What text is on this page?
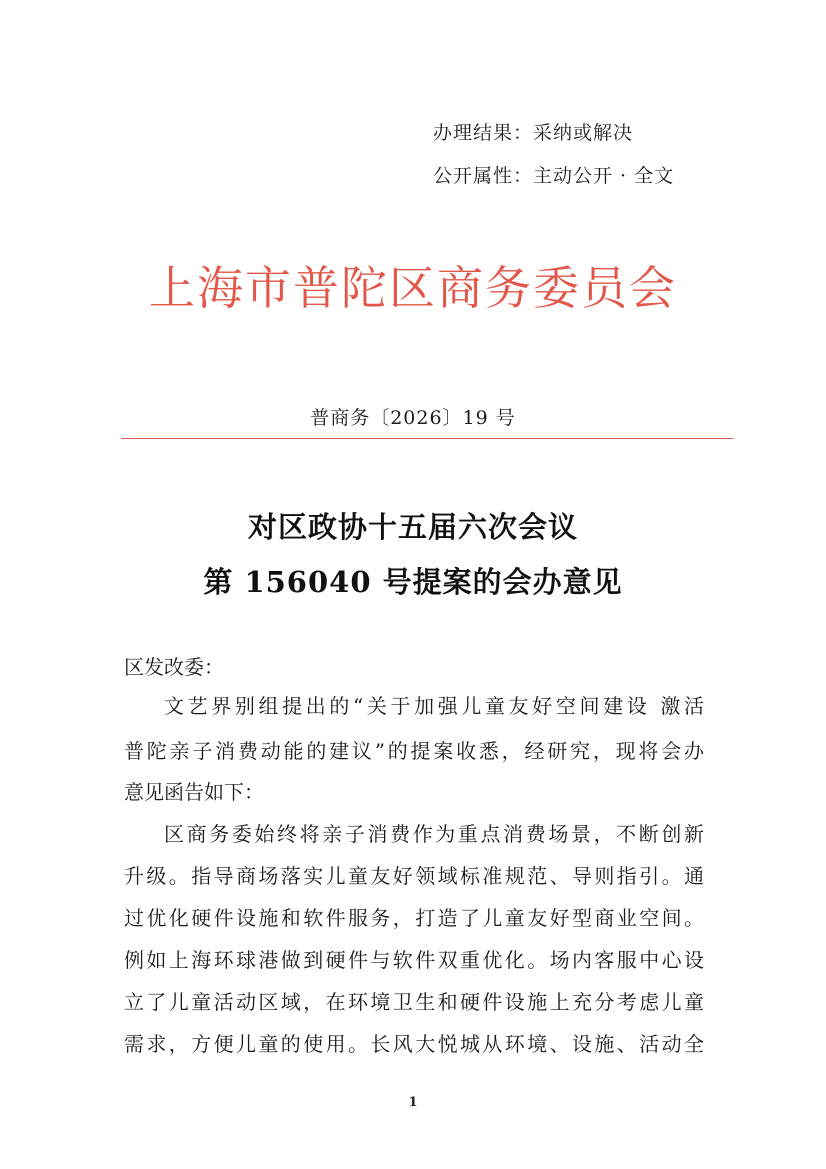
办理结果：采纳或解决
公开属性：主动公开 · 全文
上海市普陀区商务委员会
普商务〔2026〕19 号
对区政协十五届六次会议
第 156040 号提案的会办意见
区发改委：
文艺界别组提出的“关于加强儿童友好空间建设 激活
普陀亲子消费动能的建议”的提案收悉，经研究，现将会办
意见函告如下：
区商务委始终将亲子消费作为重点消费场景，不断创新
升级。指导商场落实儿童友好领域标准规范、导则指引。通
过优化硬件设施和软件服务，打造了儿童友好型商业空间。
例如上海环球港做到硬件与软件双重优化。场内客服中心设
立了儿童活动区域，在环境卫生和硬件设施上充分考虑儿童
需求，方便儿童的使用。长风大悦城从环境、设施、活动全
1
